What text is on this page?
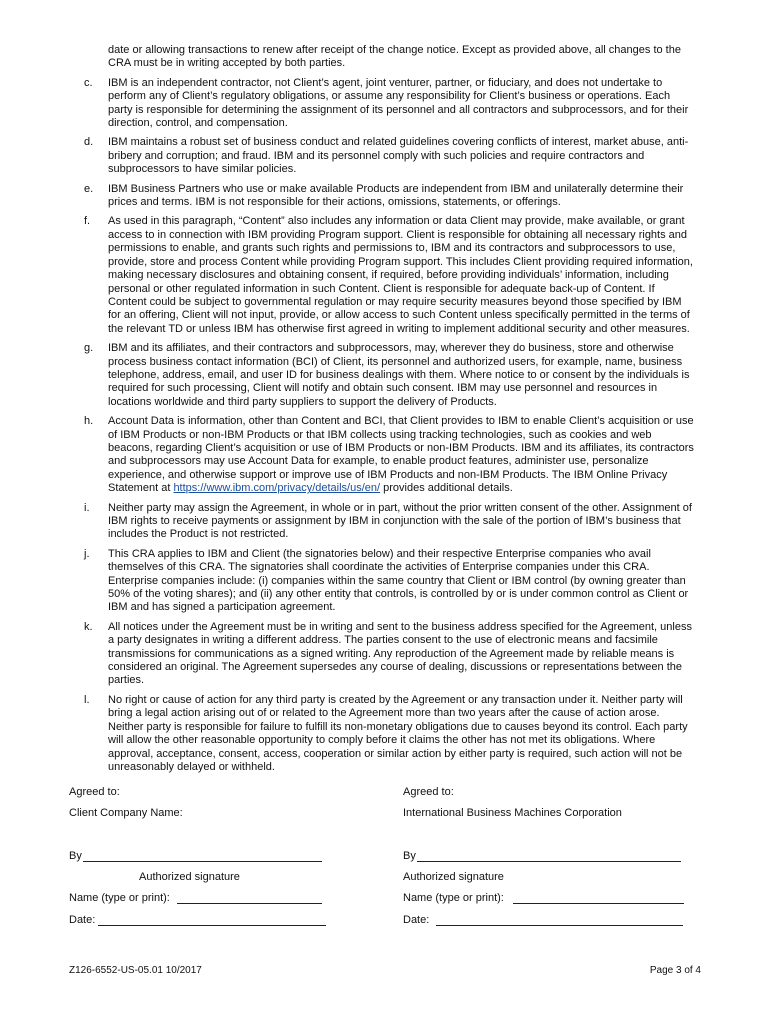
date or allowing transactions to renew after receipt of the change notice. Except as provided above, all changes to the CRA must be in writing accepted by both parties.

c.	IBM is an independent contractor, not Client’s agent, joint venturer, partner, or fiduciary, and does not undertake to perform any of Client’s regulatory obligations, or assume any responsibility for Client’s business or operations. Each party is responsible for determining the assignment of its personnel and all contractors and subprocessors, and for their direction, control, and compensation.
d.	IBM maintains a robust set of business conduct and related guidelines covering conflicts of interest, market abuse, anti-bribery and corruption; and fraud. IBM and its personnel comply with such policies and require contractors and subprocessors to have similar policies.
e.	IBM Business Partners who use or make available Products are independent from IBM and unilaterally determine their prices and terms. IBM is not responsible for their actions, omissions, statements, or offerings.
f.	As used in this paragraph, “Content” also includes any information or data Client may provide, make available, or grant access to in connection with IBM providing Program support. Client is responsible for obtaining all necessary rights and permissions to enable, and grants such rights and permissions to, IBM and its contractors and subprocessors to use, provide, store and process Content while providing Program support. This includes Client providing required information, making necessary disclosures and obtaining consent, if required, before providing individuals’ information, including personal or other regulated information in such Content. Client is responsible for adequate back-up of Content. If Content could be subject to governmental regulation or may require security measures beyond those specified by IBM for an offering, Client will not input, provide, or allow access to such Content unless specifically permitted in the terms of the relevant TD or unless IBM has otherwise first agreed in writing to implement additional security and other measures.
g.	IBM and its affiliates, and their contractors and subprocessors, may, wherever they do business, store and otherwise process business contact information (BCI) of Client, its personnel and authorized users, for example, name, business telephone, address, email, and user ID for business dealings with them. Where notice to or consent by the individuals is required for such processing, Client will notify and obtain such consent. IBM may use personnel and resources in locations worldwide and third party suppliers to support the delivery of Products.
h.	Account Data is information, other than Content and BCI, that Client provides to IBM to enable Client’s acquisition or use of IBM Products or non-IBM Products or that IBM collects using tracking technologies, such as cookies and web beacons, regarding Client’s acquisition or use of IBM Products or non-IBM Products. IBM and its affiliates, its contractors and subprocessors may use Account Data for example, to enable product features, administer use, personalize experience, and otherwise support or improve use of IBM Products and non-IBM Products. The IBM Online Privacy Statement at https://www.ibm.com/privacy/details/us/en/ provides additional details.
i.	Neither party may assign the Agreement, in whole or in part, without the prior written consent of the other. Assignment of IBM rights to receive payments or assignment by IBM in conjunction with the sale of the portion of IBM’s business that includes the Product is not restricted.
j.	This CRA applies to IBM and Client (the signatories below) and their respective Enterprise companies who avail themselves of this CRA. The signatories shall coordinate the activities of Enterprise companies under this CRA. Enterprise companies include: (i) companies within the same country that Client or IBM control (by owning greater than 50% of the voting shares); and (ii) any other entity that controls, is controlled by or is under common control as Client or IBM and has signed a participation agreement.
k.	All notices under the Agreement must be in writing and sent to the business address specified for the Agreement, unless a party designates in writing a different address. The parties consent to the use of electronic means and facsimile transmissions for communications as a signed writing. Any reproduction of the Agreement made by reliable means is considered an original. The Agreement supersedes any course of dealing, discussions or representations between the parties.
l.	No right or cause of action for any third party is created by the Agreement or any transaction under it. Neither party will bring a legal action arising out of or related to the Agreement more than two years after the cause of action arose. Neither party is responsible for failure to fulfill its non-monetary obligations due to causes beyond its control. Each party will allow the other reasonable opportunity to comply before it claims the other has not met its obligations. Where approval, acceptance, consent, access, cooperation or similar action by either party is required, such action will not be unreasonably delayed or withheld.
Agreed to:
Client Company Name:
By
Authorized signature
Name (type or print):
Date:
Agreed to:
International Business Machines Corporation
By
Authorized signature
Name (type or print):
Date:
Z126-6552-US-05.01 10/2017	Page 3 of 4
